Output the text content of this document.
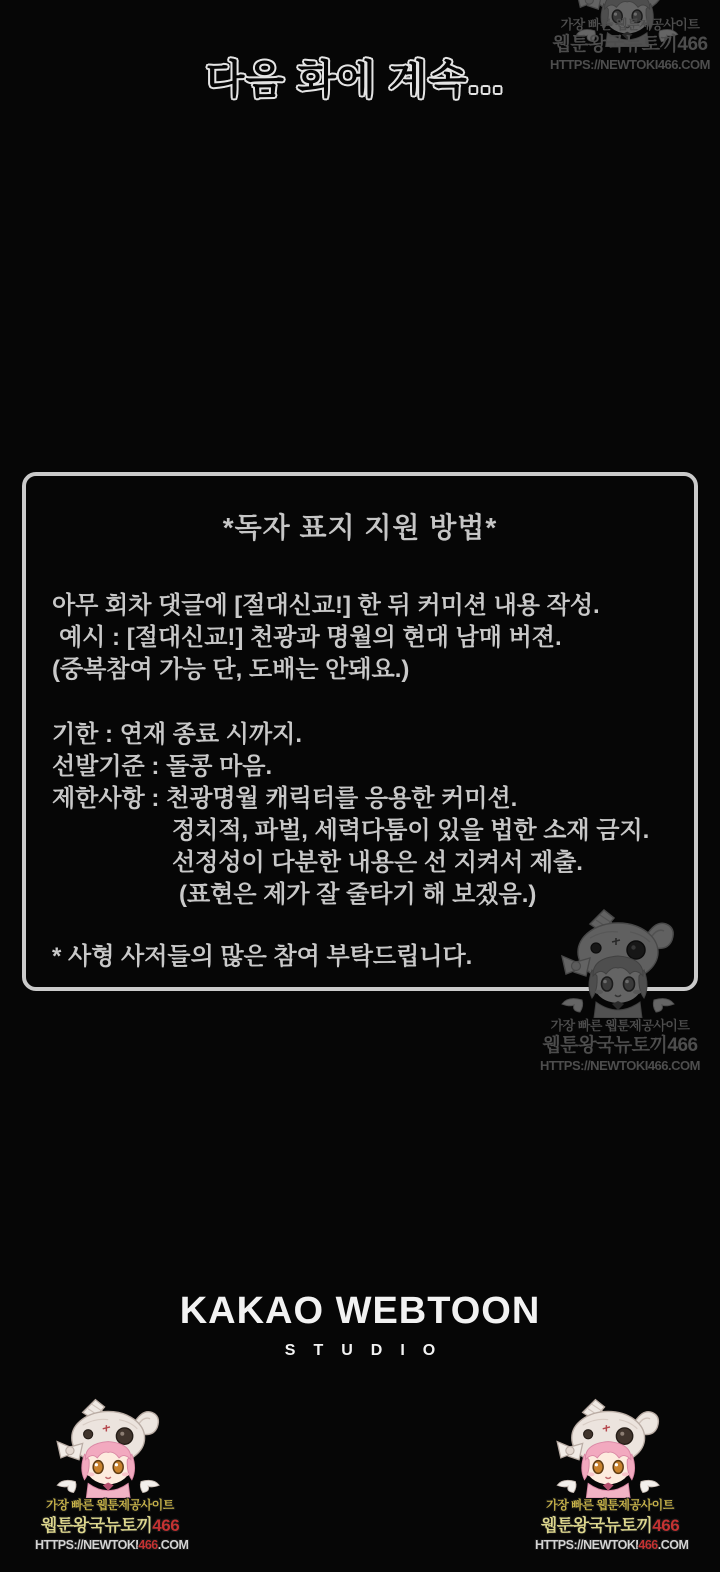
다음 화에 계속...
가장 빠른 웹툰제공사이트
웹툰왕국뉴토끼466
HTTPS://NEWTOKI466.COM
*독자 표지 지원 방법*
아무 회차 댓글에 [절대신교!] 한 뒤 커미션 내용 작성.
예시 : [절대신교!] 천광과 명월의 현대 남매 버젼.
(중복참여 가능 단, 도배는 안돼요.)
기한 : 연재 종료 시까지.
선발기준 : 돌콩 마음.
제한사항 : 천광명월 캐릭터를 응용한 커미션.
정치적, 파벌, 세력다툼이 있을 법한 소재 금지.
선정성이 다분한 내용은 선 지켜서 제출.
(표현은 제가 잘 줄타기 해 보겠음.)
* 사형 사저들의 많은 참여 부탁드립니다.
가장 빠른 웹툰제공사이트
웹툰왕국뉴토끼466
HTTPS://NEWTOKI466.COM
KAKAO WEBTOON
STUDIO
가장 빠른 웹툰제공사이트
웹툰왕국뉴토끼466
HTTPS://NEWTOKI466.COM
가장 빠른 웹툰제공사이트
웹툰왕국뉴토끼466
HTTPS://NEWTOKI466.COM
